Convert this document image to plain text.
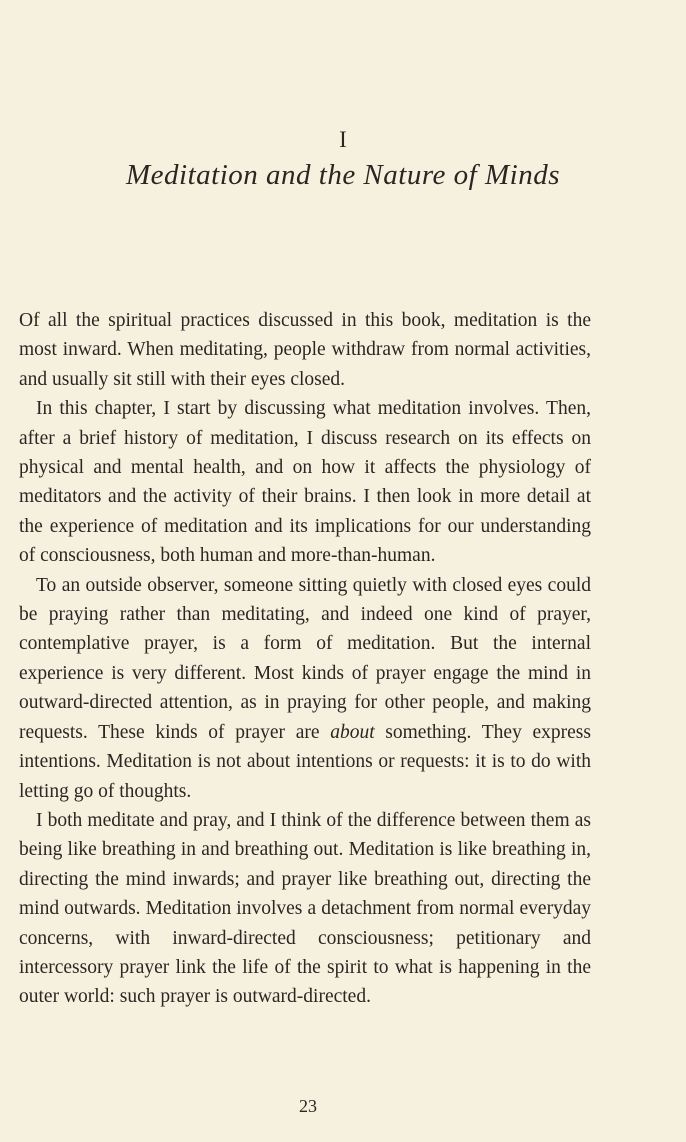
I
Meditation and the Nature of Minds

Of all the spiritual practices discussed in this book, meditation is the most inward. When meditating, people withdraw from normal activities, and usually sit still with their eyes closed.

In this chapter, I start by discussing what meditation involves. Then, after a brief history of meditation, I discuss research on its effects on physical and mental health, and on how it affects the physiology of meditators and the activity of their brains. I then look in more detail at the experience of meditation and its implications for our understanding of consciousness, both human and more-than-human.

To an outside observer, someone sitting quietly with closed eyes could be praying rather than meditating, and indeed one kind of prayer, contemplative prayer, is a form of meditation. But the internal experience is very different. Most kinds of prayer engage the mind in outward-directed attention, as in praying for other people, and making requests. These kinds of prayer are about something. They express intentions. Meditation is not about intentions or requests: it is to do with letting go of thoughts.

I both meditate and pray, and I think of the difference between them as being like breathing in and breathing out. Meditation is like breathing in, directing the mind inwards; and prayer like breathing out, directing the mind outwards. Meditation involves a detachment from normal everyday concerns, with inward-directed consciousness; petitionary and intercessory prayer link the life of the spirit to what is happening in the outer world: such prayer is outward-directed.

23
